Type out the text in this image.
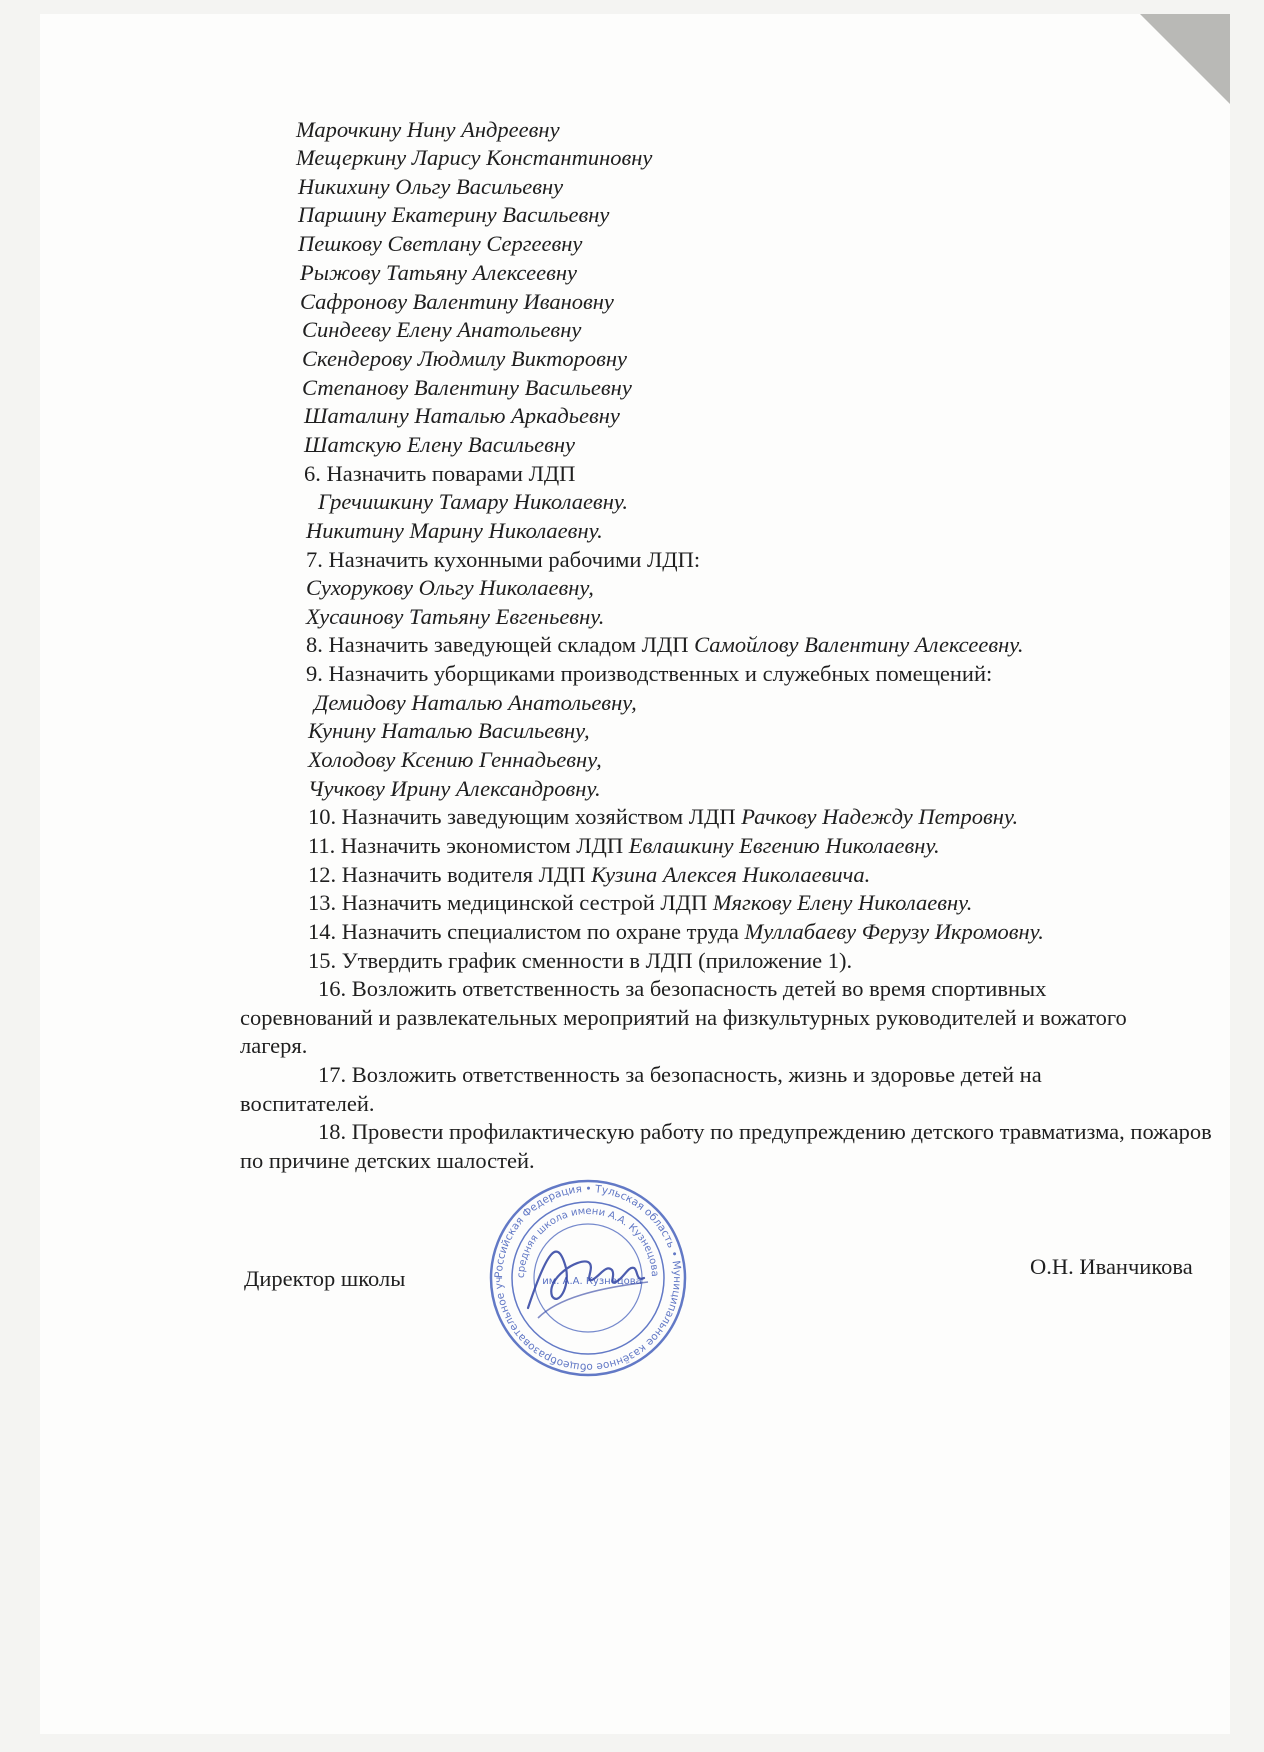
Марочкину Нину Андреевну
Мещеркину Ларису Константиновну
Никихину Ольгу Васильевну
Паршину Екатерину Васильевну
Пешкову Светлану Сергеевну
Рыжову Татьяну Алексеевну
Сафронову Валентину Ивановну
Синдееву Елену Анатольевну
Скендерову Людмилу Викторовну
Степанову Валентину Васильевну
Шаталину Наталью Аркадьевну
Шатскую Елену Васильевну
6. Назначить поварами ЛДП
Гречишкину Тамару Николаевну.
Никитину Марину Николаевну.
7. Назначить кухонными рабочими ЛДП:
Сухорукову Ольгу Николаевну,
Хусаинову Татьяну Евгеньевну.
8. Назначить заведующей складом ЛДП Самойлову Валентину Алексеевну.
9. Назначить уборщиками производственных и служебных помещений:
Демидову Наталью Анатольевну,
Кунину Наталью Васильевну,
Холодову Ксению Геннадьевну,
Чучкову Ирину Александровну.
10. Назначить заведующим хозяйством ЛДП Рачкову Надежду Петровну.
11. Назначить экономистом ЛДП Евлашкину Евгению Николаевну.
12. Назначить водителя ЛДП Кузина Алексея Николаевича.
13. Назначить медицинской сестрой ЛДП Мягкову Елену Николаевну.
14. Назначить специалистом по охране труда Муллабаеву Ферузу Икромовну.
15. Утвердить график сменности в ЛДП (приложение 1).
16. Возложить ответственность за безопасность детей во время спортивных соревнований и развлекательных мероприятий на физкультурных руководителей и вожатого лагеря.
17. Возложить ответственность за безопасность, жизнь и здоровье детей на воспитателей.
18. Провести профилактическую работу по предупреждению детского травматизма, пожаров по причине детских шалостей.
Директор школы	О.Н. Иванчикова
Российская Федерация • Тульская область • Муниципальное казённое общеобразовательное уч
средняя школа имени А.А. Кузнецова
им. А.А. Кузнецова
